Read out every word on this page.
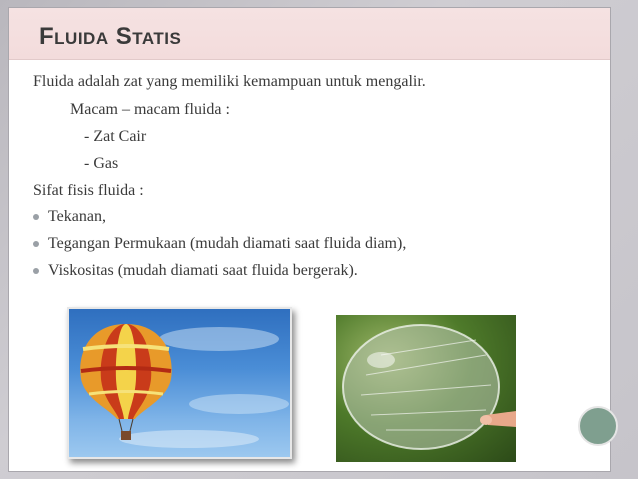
Fluida Statis
Fluida adalah zat yang memiliki kemampuan untuk mengalir.
Macam – macam fluida :
- Zat Cair
- Gas
Sifat fisis fluida :
Tekanan,
Tegangan Permukaan (mudah diamati saat fluida diam),
Viskositas (mudah diamati saat fluida bergerak).
